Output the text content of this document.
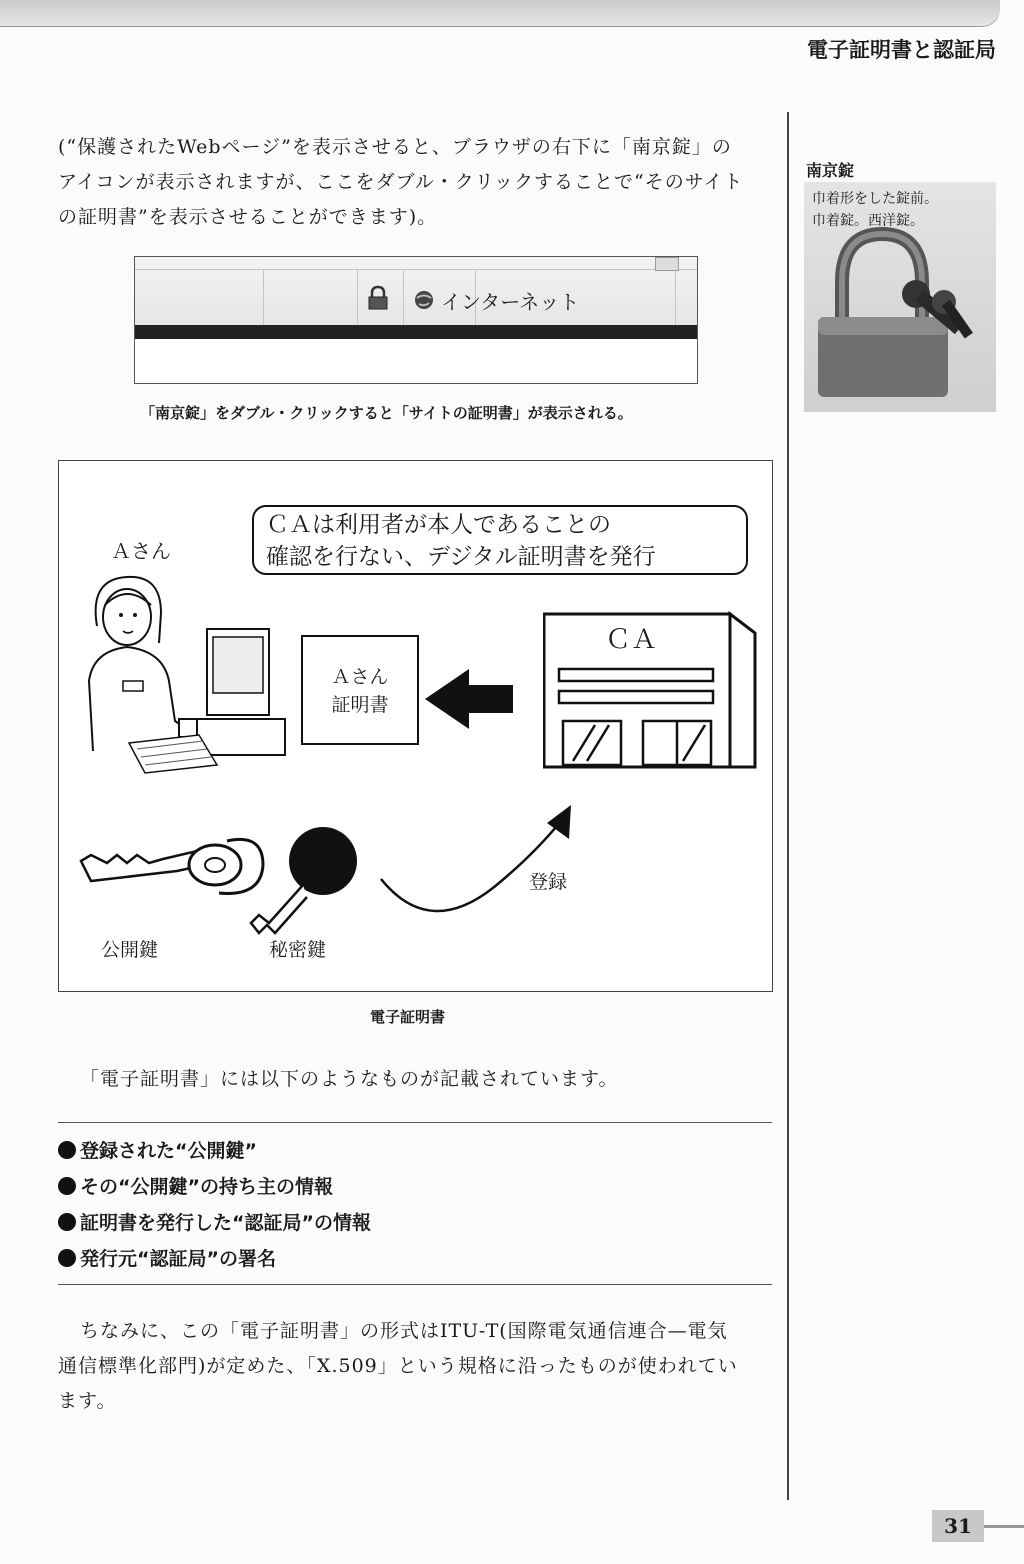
電子証明書と認証局
南京錠
巾着形をした錠前。
巾着錠。西洋錠。
(“保護されたWebページ”を表示させると、ブラウザの右下に「南京錠」の
アイコンが表示されますが、ここをダブル・クリックすることで“そのサイト
の証明書”を表示させることができます)。
インターネット
「南京錠」をダブル・クリックすると「サイトの証明書」が表示される。
ＣＡは利用者が本人であることの
確認を行ない、デジタル証明書を発行
Ａさん
Ａさん
証明書
ＣＡ
登録
公開鍵	秘密鍵
電子証明書
「電子証明書」には以下のようなものが記載されています。
登録された“公開鍵”
その“公開鍵”の持ち主の情報
証明書を発行した“認証局”の情報
発行元“認証局”の署名
ちなみに、この「電子証明書」の形式はITU-T(国際電気通信連合—電気
通信標準化部門)が定めた、「X.509」という規格に沿ったものが使われてい
ます。
31
